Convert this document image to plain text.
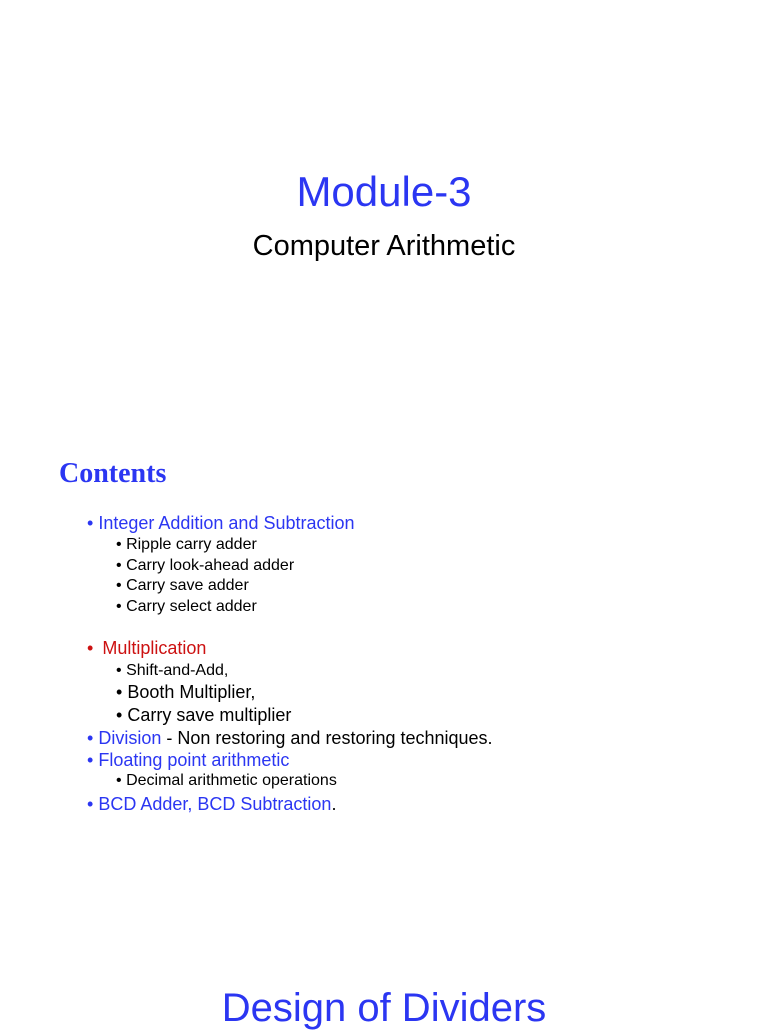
Module-3
Computer Arithmetic
Contents
• Integer Addition and Subtraction
• Ripple carry adder
• Carry look-ahead adder
• Carry save adder
• Carry select adder
• Multiplication
• Shift-and-Add,
• Booth Multiplier,
• Carry save multiplier
• Division - Non restoring and restoring techniques.
• Floating point arithmetic
• Decimal arithmetic operations
• BCD Adder, BCD Subtraction.
Design of Dividers
